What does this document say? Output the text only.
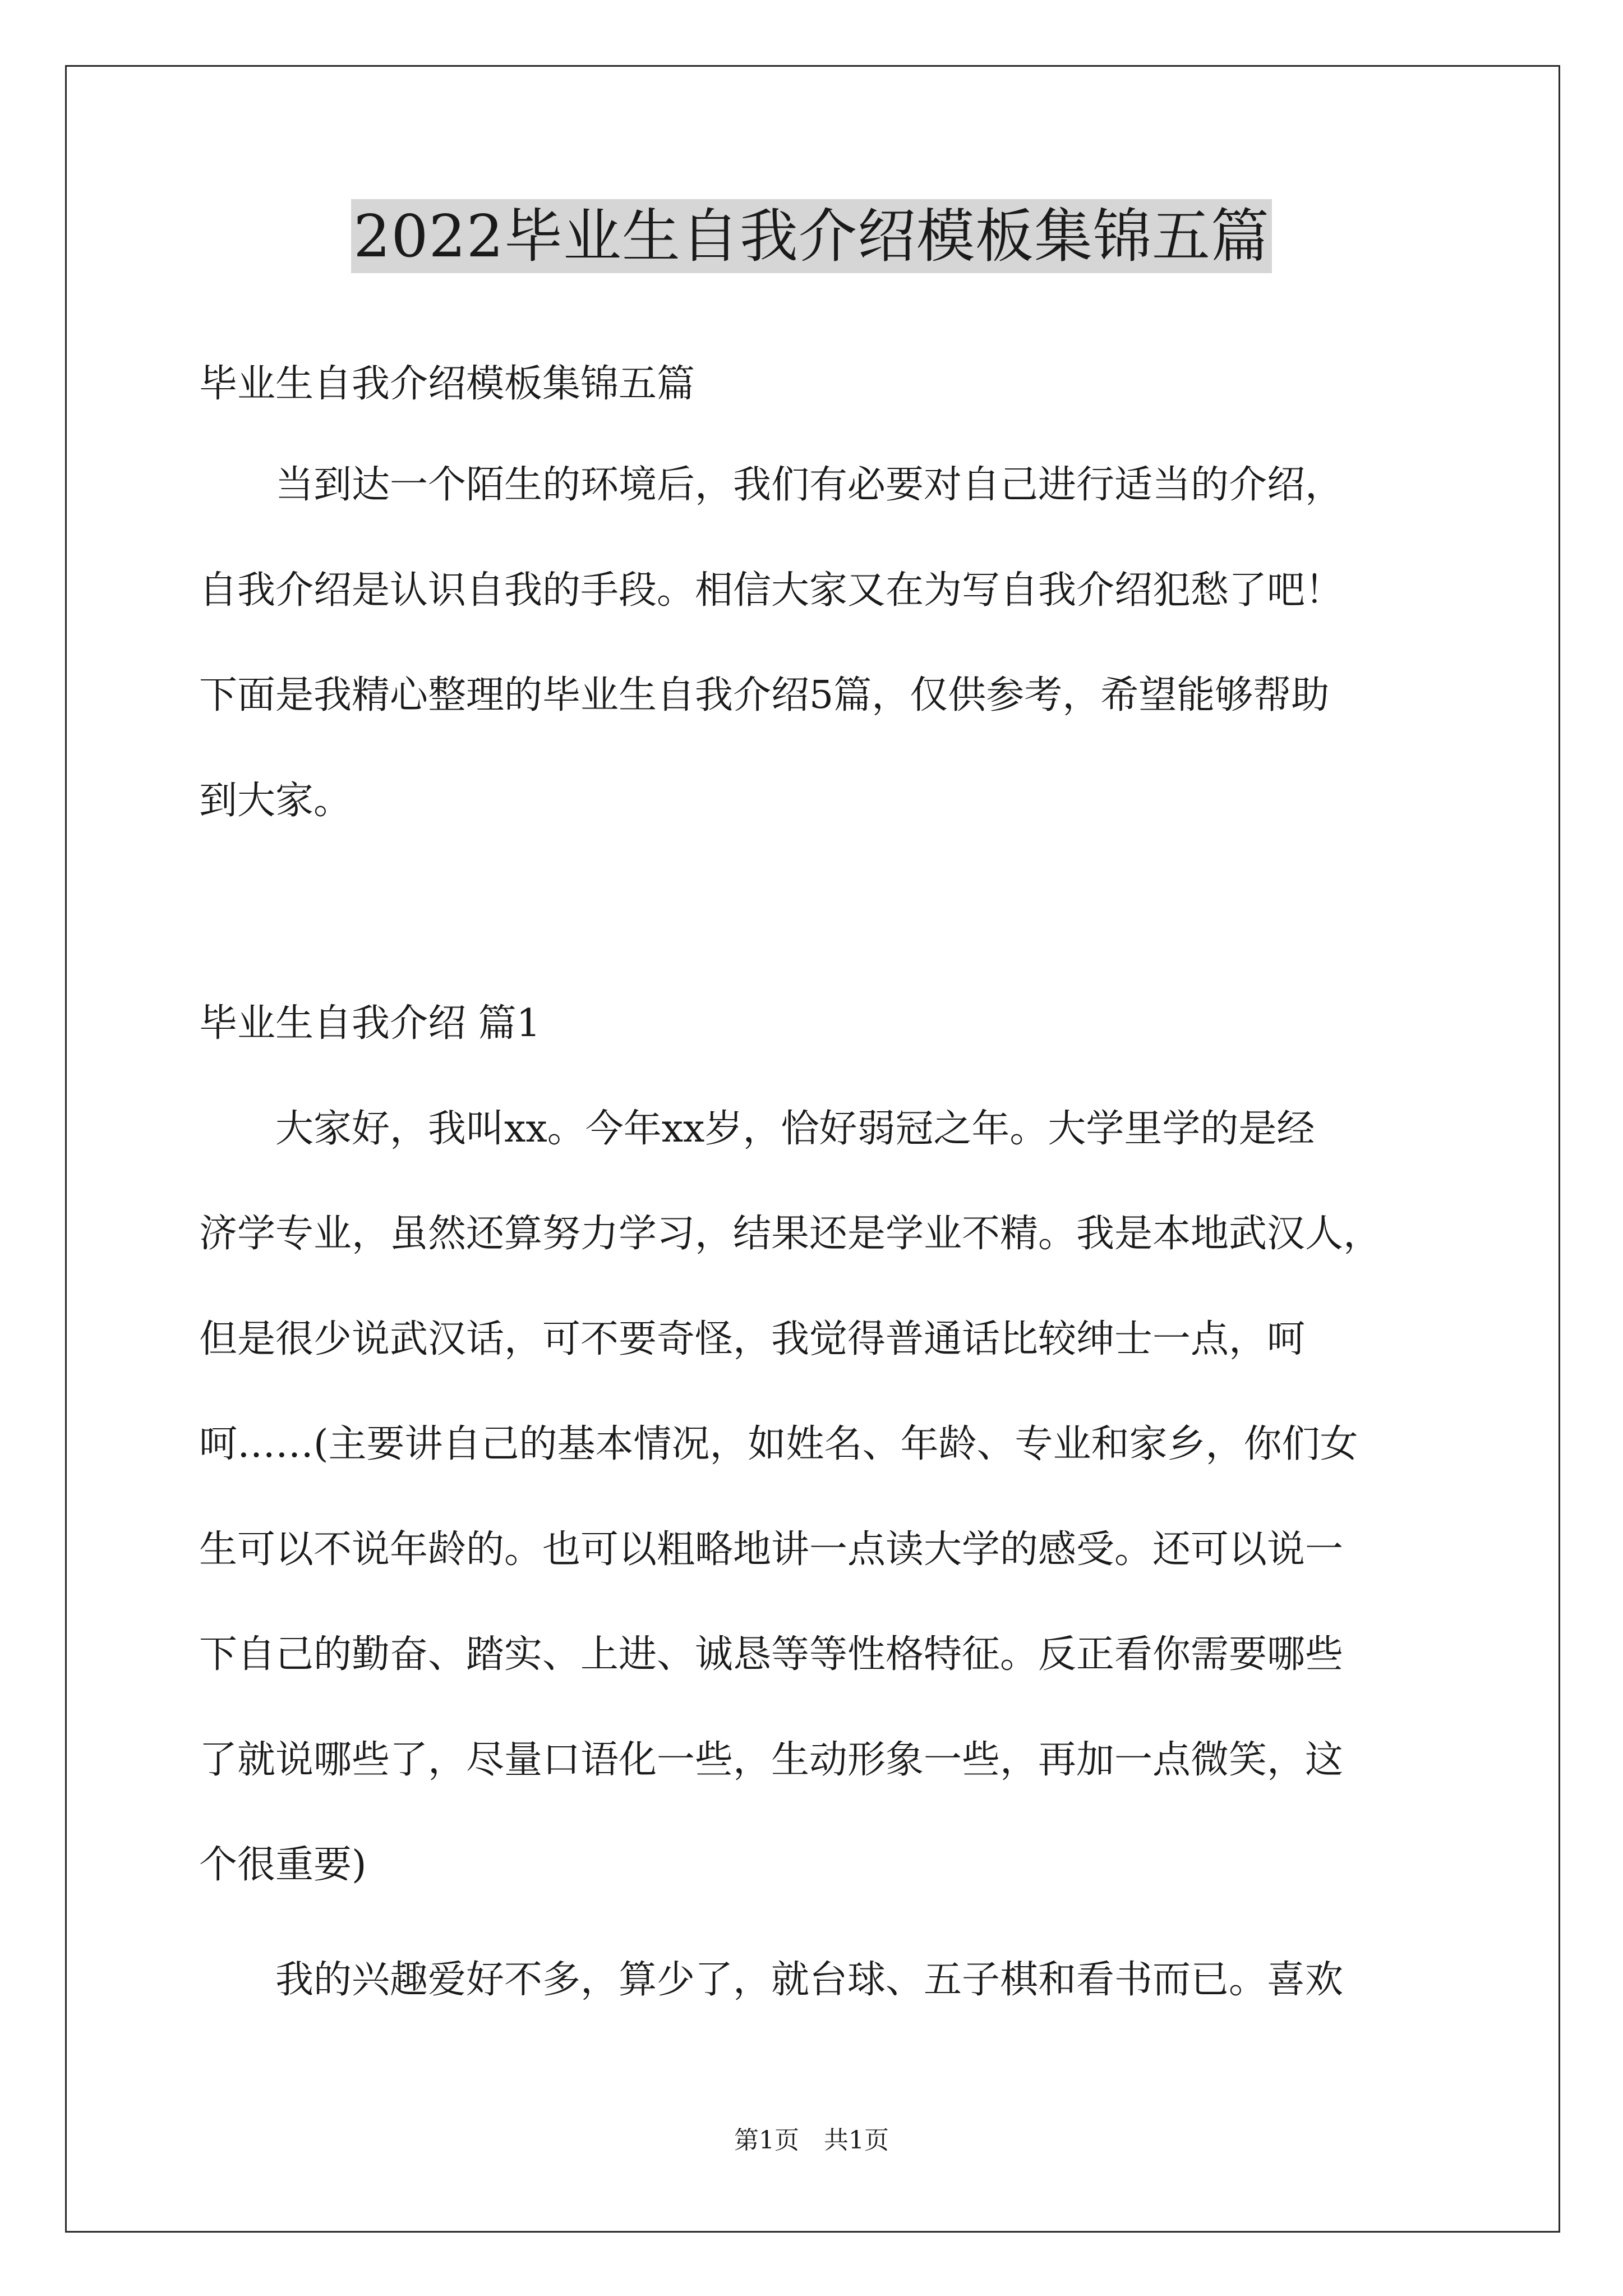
2022毕业生自我介绍模板集锦五篇
毕业生自我介绍模板集锦五篇
　　当到达一个陌生的环境后，我们有必要对自己进行适当的介绍，
自我介绍是认识自我的手段。相信大家又在为写自我介绍犯愁了吧！
下面是我精心整理的毕业生自我介绍5篇，仅供参考，希望能够帮助
到大家。
毕业生自我介绍 篇1
　　大家好，我叫xx。今年xx岁，恰好弱冠之年。大学里学的是经
济学专业，虽然还算努力学习，结果还是学业不精。我是本地武汉人，
但是很少说武汉话，可不要奇怪，我觉得普通话比较绅士一点，呵
呵……(主要讲自己的基本情况，如姓名、年龄、专业和家乡，你们女
生可以不说年龄的。也可以粗略地讲一点读大学的感受。还可以说一
下自己的勤奋、踏实、上进、诚恳等等性格特征。反正看你需要哪些
了就说哪些了，尽量口语化一些，生动形象一些，再加一点微笑，这
个很重要)
　　我的兴趣爱好不多，算少了，就台球、五子棋和看书而已。喜欢
第1页　共1页
